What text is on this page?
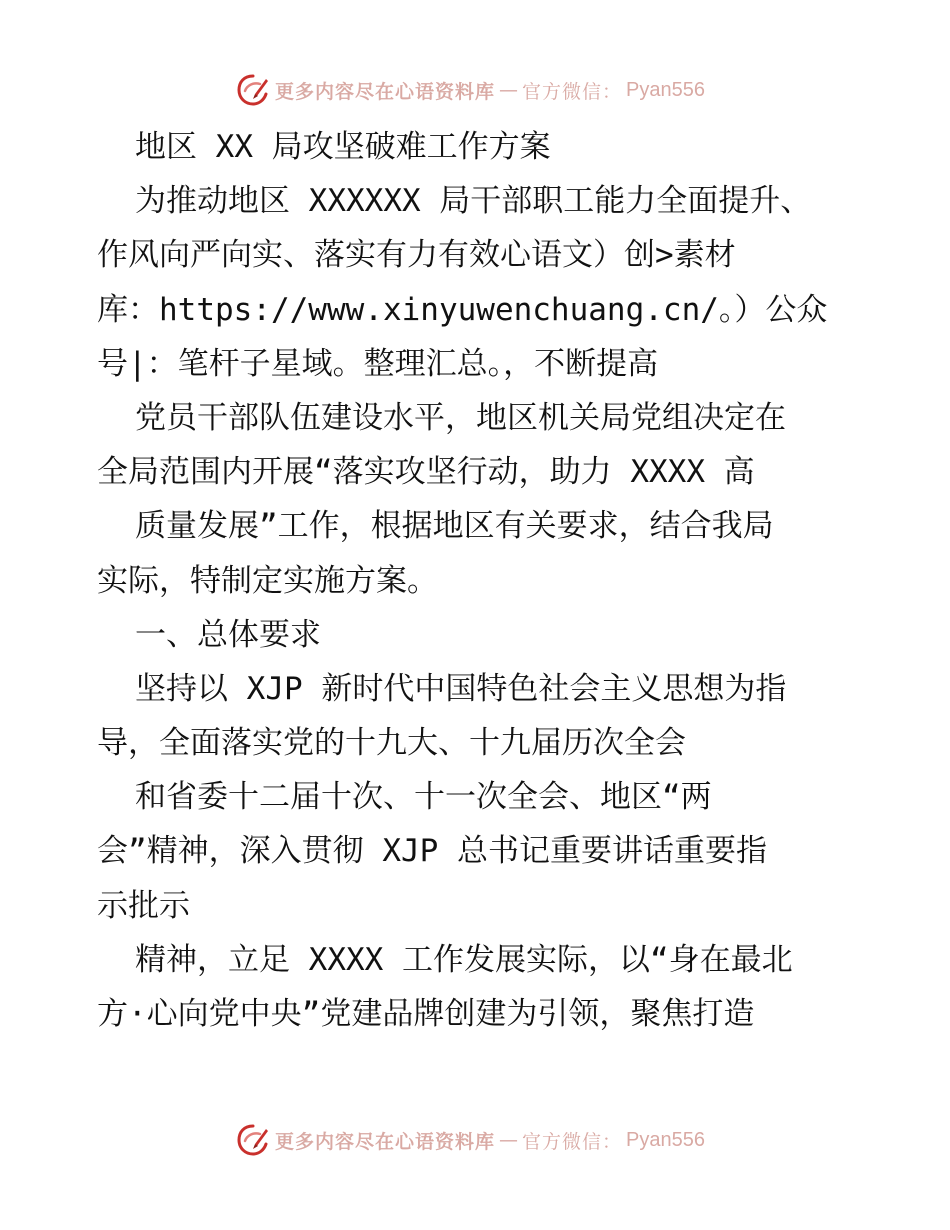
更多内容尽在心语资料库 — 官方微信： Pyan556
地区 XX 局攻坚破难工作方案
为推动地区 XXXXXX 局干部职工能力全面提升、
作风向严向实、落实有力有效心语文）创>素材
库：https://www.xinyuwenchuang.cn/。）公众
号|：笔杆子星域。整理汇总。，不断提高
党员干部队伍建设水平，地区机关局党组决定在
全局范围内开展“落实攻坚行动，助力 XXXX 高
质量发展”工作，根据地区有关要求，结合我局
实际，特制定实施方案。
一、总体要求
坚持以 XJP 新时代中国特色社会主义思想为指
导，全面落实党的十九大、十九届历次全会
和省委十二届十次、十一次全会、地区“两
会”精神，深入贯彻 XJP 总书记重要讲话重要指
示批示
精神，立足 XXXX 工作发展实际，以“身在最北
方·心向党中央”党建品牌创建为引领，聚焦打造
更多内容尽在心语资料库 — 官方微信： Pyan556
